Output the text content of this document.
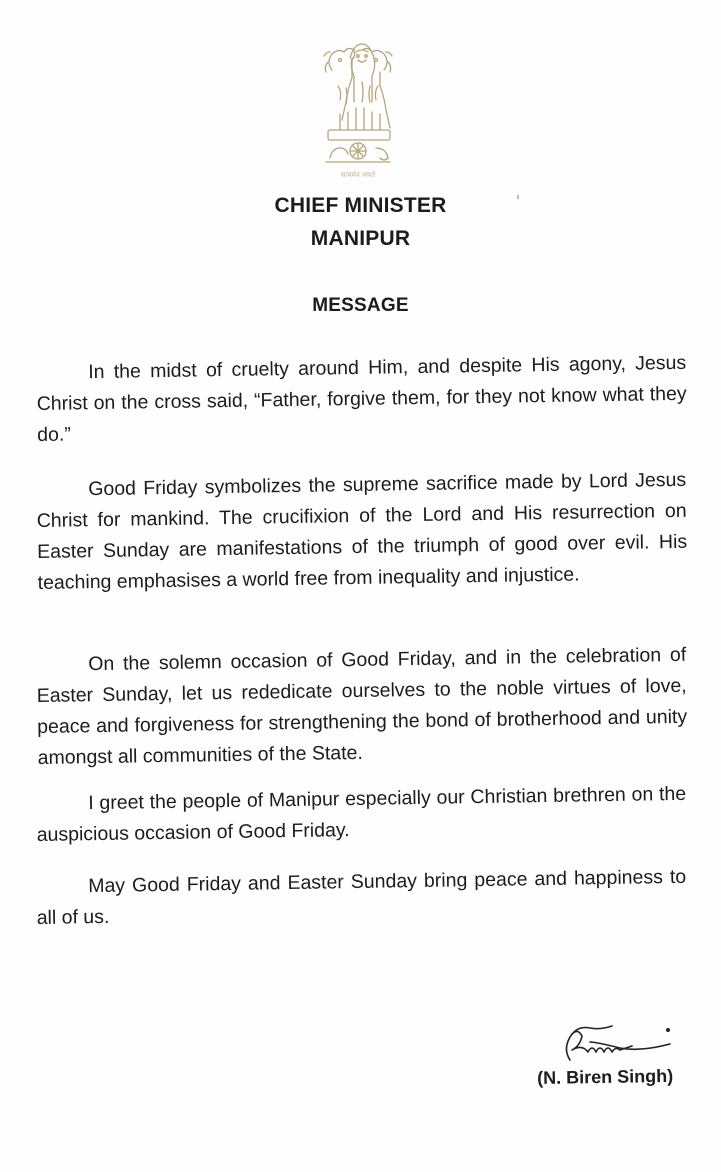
सत्यमेव जयते
CHIEF MINISTER
MANIPUR
MESSAGE

In the midst of cruelty around Him, and despite His agony, Jesus Christ on the cross said, “Father, forgive them, for they not know what they do.”

Good Friday symbolizes the supreme sacrifice made by Lord Jesus Christ for mankind. The crucifixion of the Lord and His resurrection on Easter Sunday are manifestations of the triumph of good over evil. His teaching emphasises a world free from inequality and injustice.

On the solemn occasion of Good Friday, and in the celebration of Easter Sunday, let us rededicate ourselves to the noble virtues of love, peace and forgiveness for strengthening the bond of brotherhood and unity amongst all communities of the State.

I greet the people of Manipur especially our Christian brethren on the auspicious occasion of Good Friday.

May Good Friday and Easter Sunday bring peace and happiness to all of us.

(N. Biren Singh)
